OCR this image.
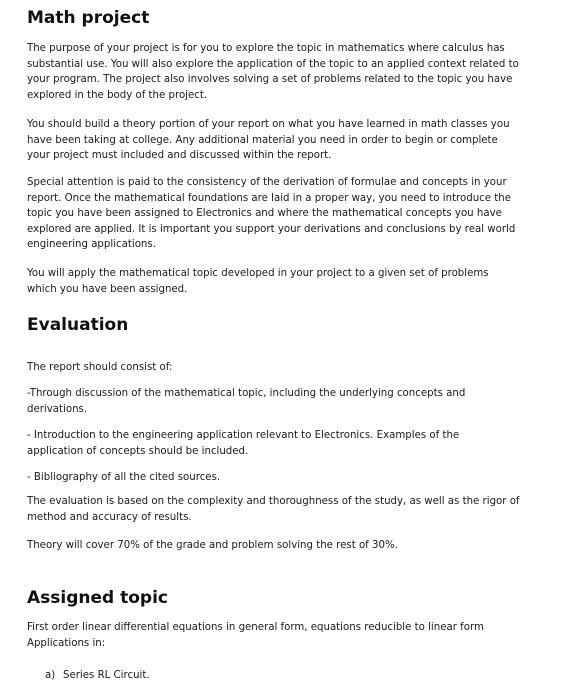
Math project

The purpose of your project is for you to explore the topic in mathematics where calculus has substantial use. You will also explore the application of the topic to an applied context related to your program. The project also involves solving a set of problems related to the topic you have explored in the body of the project.

You should build a theory portion of your report on what you have learned in math classes you have been taking at college. Any additional material you need in order to begin or complete your project must included and discussed within the report.

Special attention is paid to the consistency of the derivation of formulae and concepts in your report. Once the mathematical foundations are laid in a proper way, you need to introduce the topic you have been assigned to Electronics and where the mathematical concepts you have explored are applied. It is important you support your derivations and conclusions by real world engineering applications.

You will apply the mathematical topic developed in your project to a given set of problems which you have been assigned.

Evaluation

The report should consist of:

-Through discussion of the mathematical topic, including the underlying concepts and derivations.

- Introduction to the engineering application relevant to Electronics. Examples of the application of concepts should be included.

- Bibliography of all the cited sources.

The evaluation is based on the complexity and thoroughness of the study, as well as the rigor of method and accuracy of results.

Theory will cover 70% of the grade and problem solving the rest of 30%.

Assigned topic

First order linear differential equations in general form, equations reducible to linear form Applications in:

a) Series RL Circuit.
